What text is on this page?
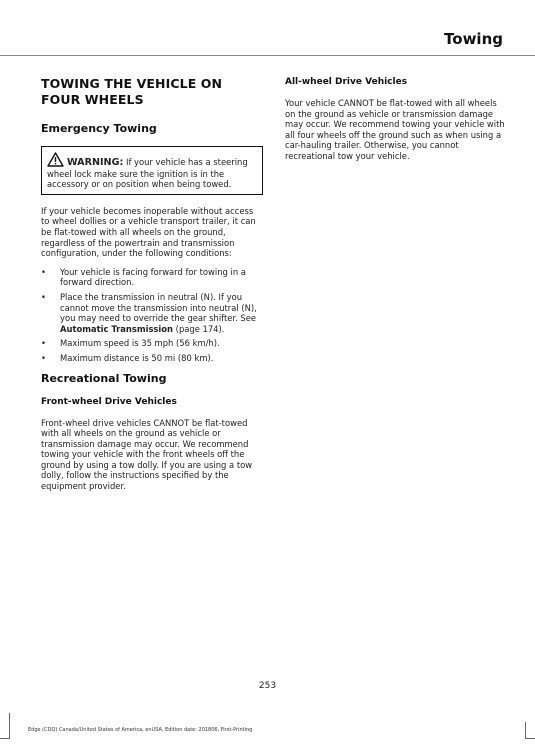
Towing
TOWING THE VEHICLE ON FOUR WHEELS
Emergency Towing
WARNING: If your vehicle has a steering wheel lock make sure the ignition is in the accessory or on position when being towed.

If your vehicle becomes inoperable without access to wheel dollies or a vehicle transport trailer, it can be flat-towed with all wheels on the ground, regardless of the powertrain and transmission configuration, under the following conditions:

• Your vehicle is facing forward for towing in a forward direction.
• Place the transmission in neutral (N). If you cannot move the transmission into neutral (N), you may need to override the gear shifter. See Automatic Transmission (page 174).
• Maximum speed is 35 mph (56 km/h).
• Maximum distance is 50 mi (80 km).
Recreational Towing
Front-wheel Drive Vehicles

Front-wheel drive vehicles CANNOT be flat-towed with all wheels on the ground as vehicle or transmission damage may occur. We recommend towing your vehicle with the front wheels off the ground by using a tow dolly. If you are using a tow dolly, follow the instructions specified by the equipment provider.

All-wheel Drive Vehicles

Your vehicle CANNOT be flat-towed with all wheels on the ground as vehicle or transmission damage may occur. We recommend towing your vehicle with all four wheels off the ground such as when using a car-hauling trailer. Otherwise, you cannot recreational tow your vehicle.

253

Edge (CDQ) Canada/United States of America, enUSA, Edition date: 201806, First-Printing
